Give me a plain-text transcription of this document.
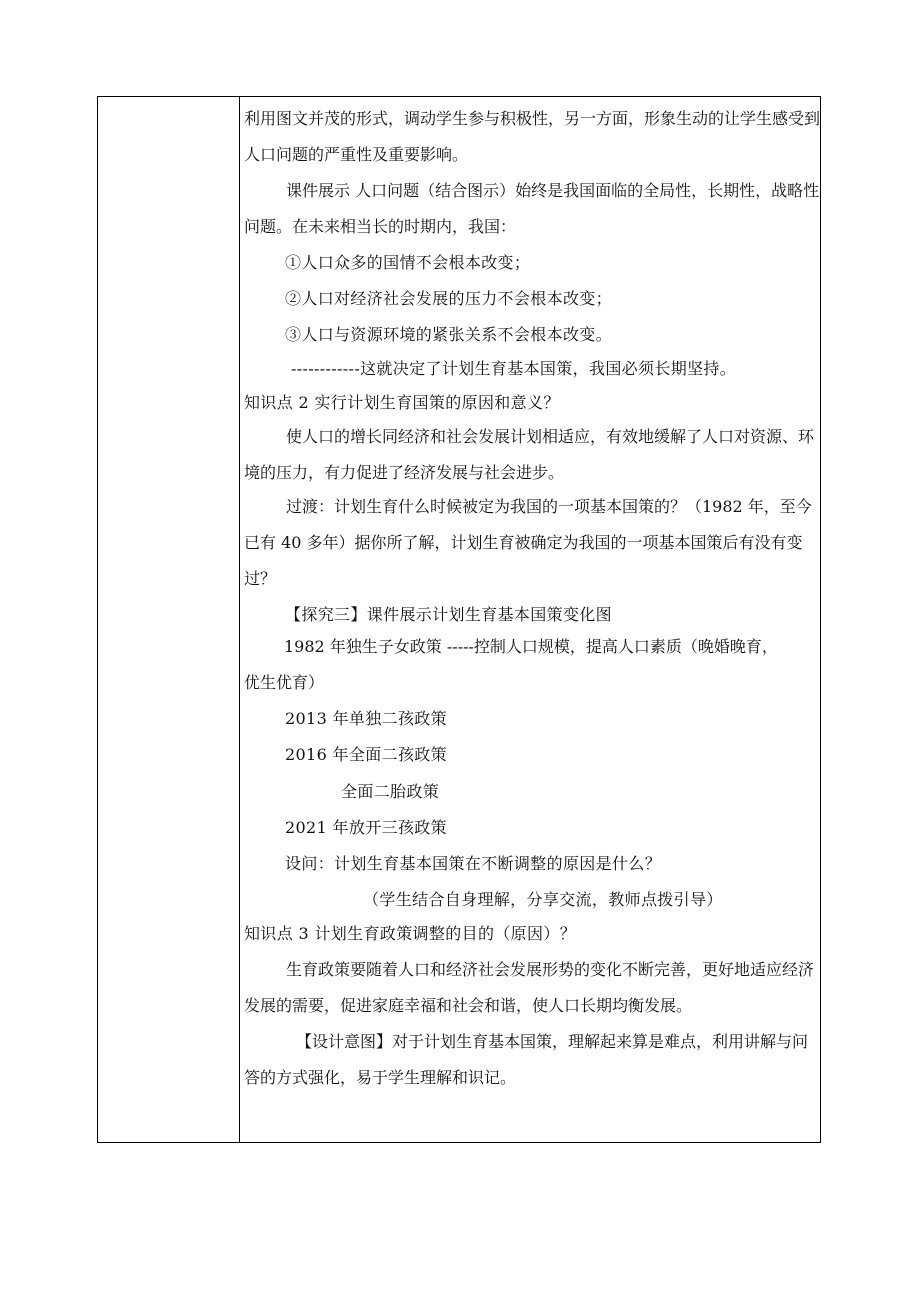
利用图文并茂的形式，调动学生参与积极性，另一方面，形象生动的让学生感受到人口问题的严重性及重要影响。
课件展示 人口问题（结合图示）始终是我国面临的全局性，长期性，战略性问题。在未来相当长的时期内，我国：
①人口众多的国情不会根本改变；
②人口对经济社会发展的压力不会根本改变；
③人口与资源环境的紧张关系不会根本改变。
------------这就决定了计划生育基本国策，我国必须长期坚持。
知识点 2 实行计划生育国策的原因和意义？
使人口的增长同经济和社会发展计划相适应，有效地缓解了人口对资源、环境的压力，有力促进了经济发展与社会进步。
过渡：计划生育什么时候被定为我国的一项基本国策的？（1982 年，至今已有 40 多年）据你所了解，计划生育被确定为我国的一项基本国策后有没有变过？
【探究三】课件展示计划生育基本国策变化图
1982 年独生子女政策 -----控制人口规模，提高人口素质（晚婚晚育，优生优育）
2013 年单独二孩政策
2016 年全面二孩政策
全面二胎政策
2021 年放开三孩政策
设问：计划生育基本国策在不断调整的原因是什么？
（学生结合自身理解，分享交流，教师点拨引导）
知识点 3 计划生育政策调整的目的（原因）？
生育政策要随着人口和经济社会发展形势的变化不断完善，更好地适应经济发展的需要，促进家庭幸福和社会和谐，使人口长期均衡发展。
【设计意图】对于计划生育基本国策，理解起来算是难点，利用讲解与问答的方式强化，易于学生理解和识记。
